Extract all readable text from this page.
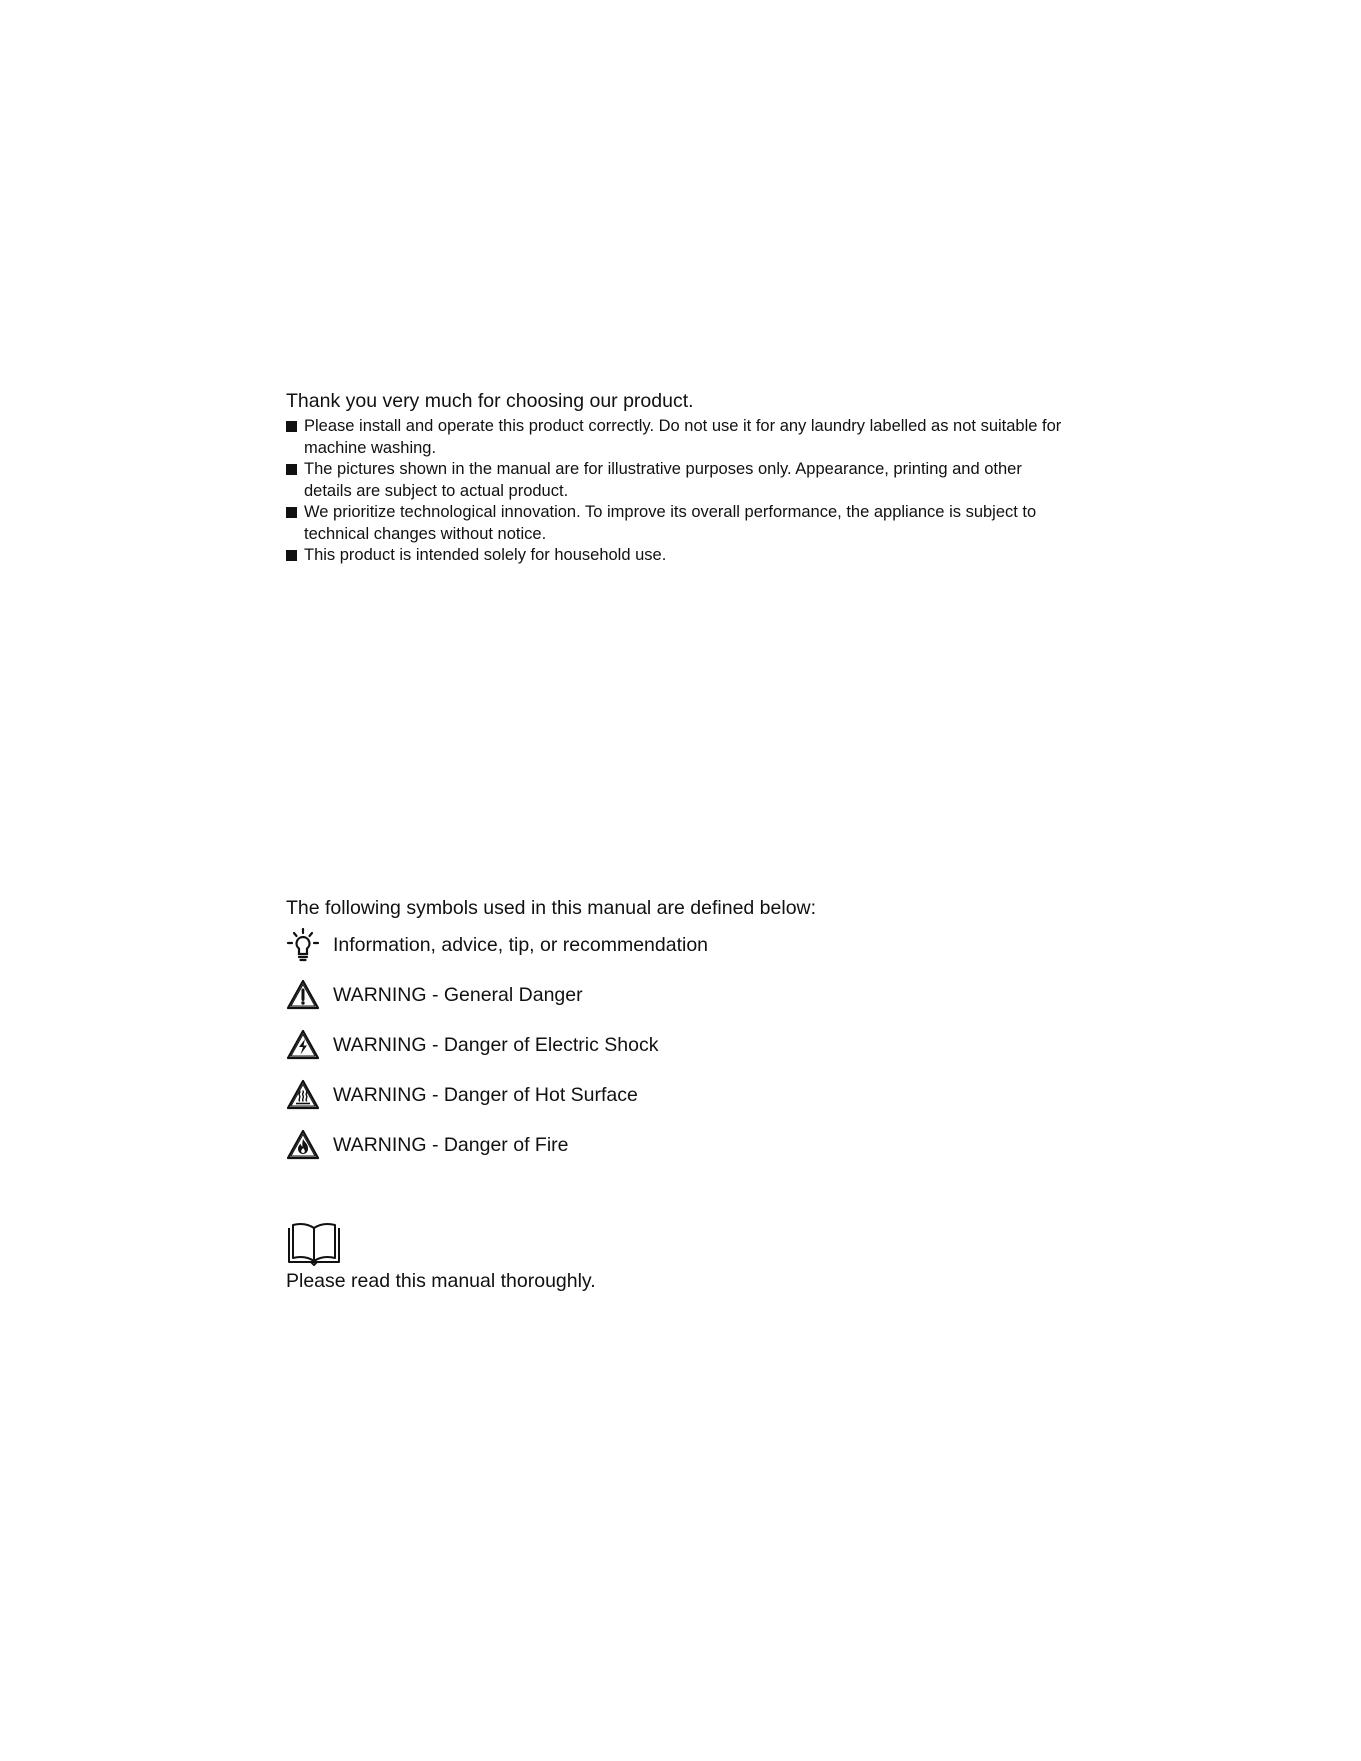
Thank you very much for choosing our product.

Please install and operate this product correctly. Do not use it for any laundry labelled as not suitable for machine washing.
The pictures shown in the manual are for illustrative purposes only. Appearance, printing and other details are subject to actual product.
We prioritize technological innovation. To improve its overall performance, the appliance is subject to technical changes without notice.
This product is intended solely for household use.

The following symbols used in this manual are defined below:

Information, advice, tip, or recommendation
WARNING - General Danger
WARNING - Danger of Electric Shock
WARNING - Danger of Hot Surface
WARNING - Danger of Fire

Please read this manual thoroughly.
